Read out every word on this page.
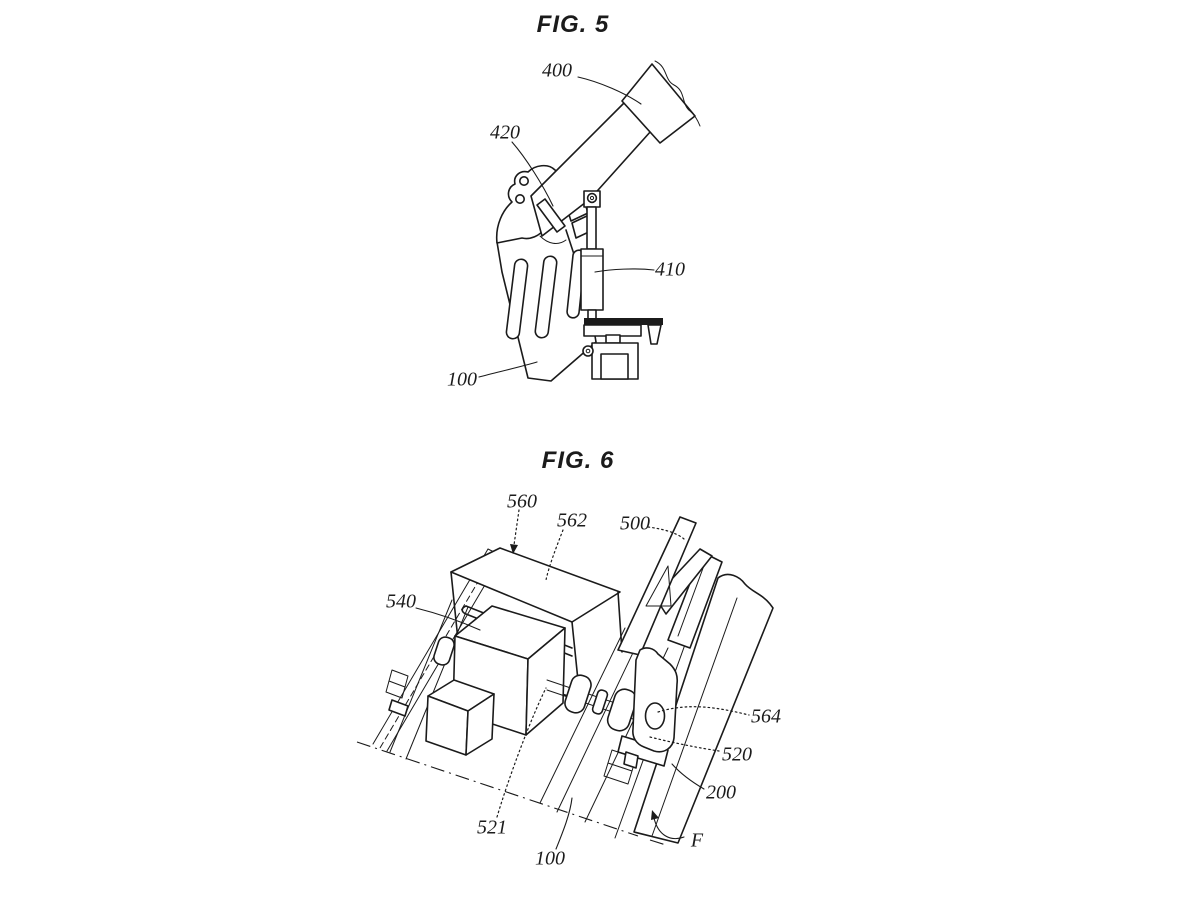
FIG. 5
400
420
410
100
FIG. 6
560
562 500
540
564
520
200
521
100
F
